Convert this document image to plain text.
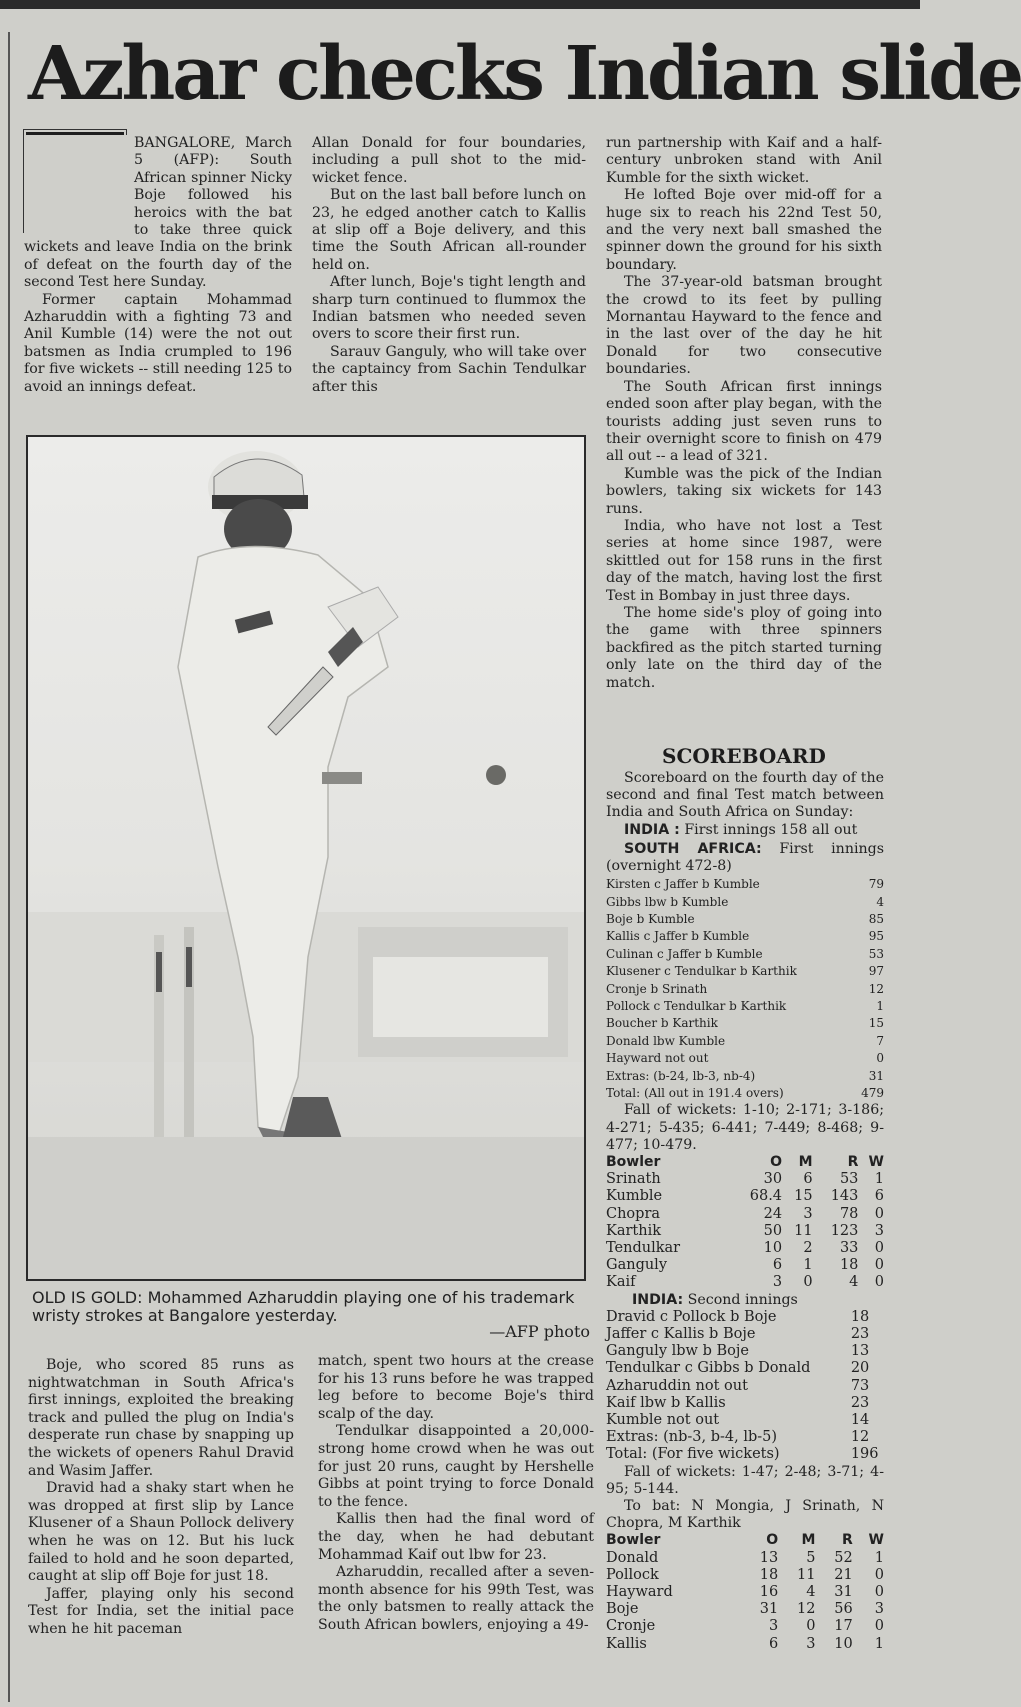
Azhar checks Indian slide

BANGALORE, March 5 (AFP): South African spinner Nicky Boje followed his heroics with the bat to take three quick wickets and leave India on the brink of defeat on the fourth day of the second Test here Sunday.

Former captain Mohammad Azharuddin with a fighting 73 and Anil Kumble (14) were the not out batsmen as India crumpled to 196 for five wickets -- still needing 125 to avoid an innings defeat.

Allan Donald for four boundaries, including a pull shot to the mid-wicket fence.

But on the last ball before lunch on 23, he edged another catch to Kallis at slip off a Boje delivery, and this time the South African all-rounder held on.

After lunch, Boje's tight length and sharp turn continued to flummox the Indian batsmen who needed seven overs to score their first run.

Sarauv Ganguly, who will take over the captaincy from Sachin Tendulkar after this

run partnership with Kaif and a half-century unbroken stand with Anil Kumble for the sixth wicket.

He lofted Boje over mid-off for a huge six to reach his 22nd Test 50, and the very next ball smashed the spinner down the ground for his sixth boundary.

The 37-year-old batsman brought the crowd to its feet by pulling Mornantau Hayward to the fence and in the last over of the day he hit Donald for two consecutive boundaries.

The South African first innings ended soon after play began, with the tourists adding just seven runs to their overnight score to finish on 479 all out -- a lead of 321.

Kumble was the pick of the Indian bowlers, taking six wickets for 143 runs.

India, who have not lost a Test series at home since 1987, were skittled out for 158 runs in the first day of the match, having lost the first Test in Bombay in just three days.

The home side's ploy of going into the game with three spinners backfired as the pitch started turning only late on the third day of the match.

OLD IS GOLD: Mohammed Azharuddin playing one of his trademark wristy strokes at Bangalore yesterday.
—AFP photo

Boje, who scored 85 runs as nightwatchman in South Africa's first innings, exploited the breaking track and pulled the plug on India's desperate run chase by snapping up the wickets of openers Rahul Dravid and Wasim Jaffer.

Dravid had a shaky start when he was dropped at first slip by Lance Klusener of a Shaun Pollock delivery when he was on 12. But his luck failed to hold and he soon departed, caught at slip off Boje for just 18.

Jaffer, playing only his second Test for India, set the initial pace when he hit paceman

match, spent two hours at the crease for his 13 runs before he was trapped leg before to become Boje's third scalp of the day.

Tendulkar disappointed a 20,000-strong home crowd when he was out for just 20 runs, caught by Hershelle Gibbs at point trying to force Donald to the fence.

Kallis then had the final word of the day, when he had debutant Mohammad Kaif out lbw for 23.

Azharuddin, recalled after a seven-month absence for his 99th Test, was the only batsmen to really attack the South African bowlers, enjoying a 49-

SCOREBOARD

Scoreboard on the fourth day of the second and final Test match between India and South Africa on Sunday:

INDIA : First innings 158 all out

SOUTH AFRICA: First innings (overnight 472-8)

Kirsten c Jaffer b Kumble	79
Gibbs lbw b Kumble	4
Boje b Kumble	85
Kallis c Jaffer b Kumble	95
Culinan c Jaffer b Kumble	53
Klusener c Tendulkar b Karthik	97
Cronje b Srinath	12
Pollock c Tendulkar b Karthik	1
Boucher b Karthik	15
Donald lbw Kumble	7
Hayward not out	0
Extras: (b-24, lb-3, nb-4)	31
Total: (All out in 191.4 overs)	479

Fall of wickets: 1-10; 2-171; 3-186; 4-271; 5-435; 6-441; 7-449; 8-468; 9-477; 10-479.

Bowler	O	M	R	W
Srinath	30	6	53	1
Kumble	68.4	15	143	6
Chopra	24	3	78	0
Karthik	50	11	123	3
Tendulkar	10	2	33	0
Ganguly	6	1	18	0
Kaif	3	0	4	0

INDIA: Second innings

Dravid c Pollock b Boje	18
Jaffer c Kallis b Boje	23
Ganguly lbw b Boje	13
Tendulkar c Gibbs b Donald	20
Azharuddin not out	73
Kaif lbw b Kallis	23
Kumble not out	14
Extras: (nb-3, b-4, lb-5)	12
Total: (For five wickets)	196

Fall of wickets: 1-47; 2-48; 3-71; 4-95; 5-144.

To bat: N Mongia, J Srinath, N Chopra, M Karthik

Bowler	O	M	R	W
Donald	13	5	52	1
Pollock	18	11	21	0
Hayward	16	4	31	0
Boje	31	12	56	3
Cronje	3	0	17	0
Kallis	6	3	10	1
